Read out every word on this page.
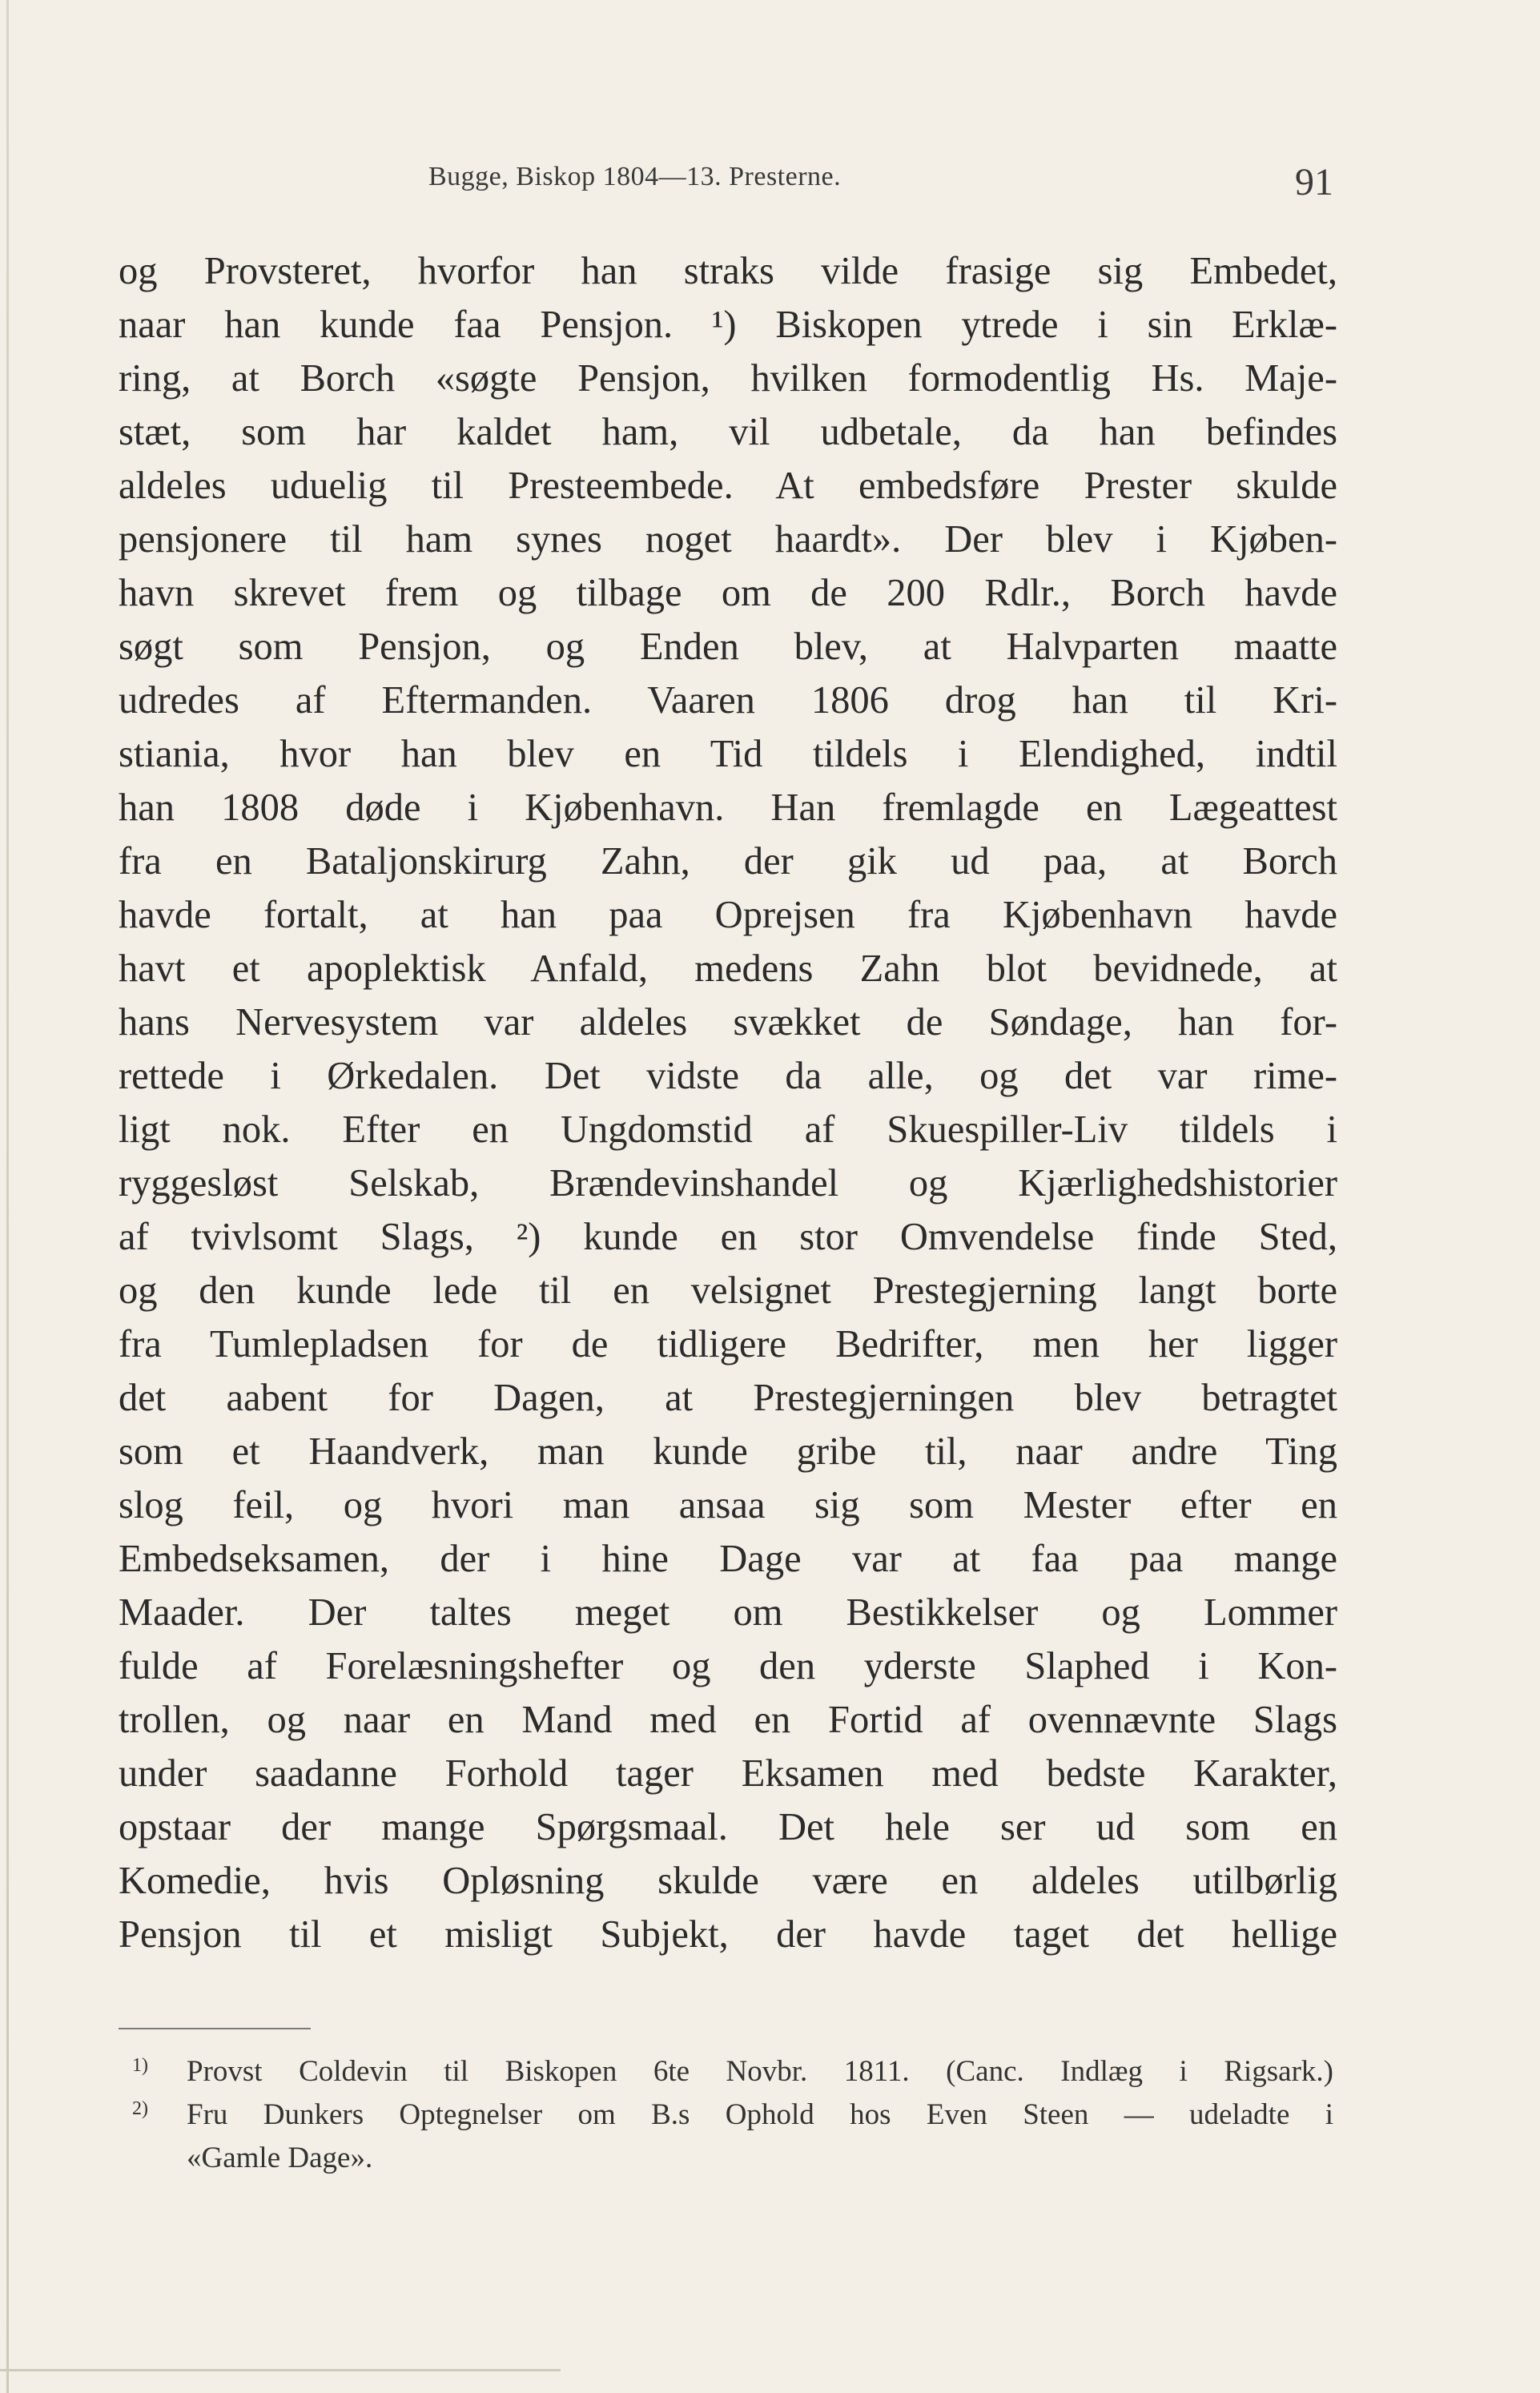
Bugge, Biskop 1804—13. Presterne.	91
og Provsteret, hvorfor han straks vilde frasige sig Embedet,
naar han kunde faa Pensjon. ¹) Biskopen ytrede i sin Erklæ-
ring, at Borch «søgte Pensjon, hvilken formodentlig Hs. Maje-
stæt, som har kaldet ham, vil udbetale, da han befindes
aldeles uduelig til Presteembede. At embedsføre Prester skulde
pensjonere til ham synes noget haardt». Der blev i Kjøben-
havn skrevet frem og tilbage om de 200 Rdlr., Borch havde
søgt som Pensjon, og Enden blev, at Halvparten maatte
udredes af Eftermanden. Vaaren 1806 drog han til Kri-
stiania, hvor han blev en Tid tildels i Elendighed, indtil
han 1808 døde i Kjøbenhavn. Han fremlagde en Lægeattest
fra en Bataljonskirurg Zahn, der gik ud paa, at Borch
havde fortalt, at han paa Oprejsen fra Kjøbenhavn havde
havt et apoplektisk Anfald, medens Zahn blot bevidnede, at
hans Nervesystem var aldeles svækket de Søndage, han for-
rettede i Ørkedalen. Det vidste da alle, og det var rime-
ligt nok. Efter en Ungdomstid af Skuespiller-Liv tildels i
ryggesløst Selskab, Brændevinshandel og Kjærlighedshistorier
af tvivlsomt Slags, ²) kunde en stor Omvendelse finde Sted,
og den kunde lede til en velsignet Prestegjerning langt borte
fra Tumlepladsen for de tidligere Bedrifter, men her ligger
det aabent for Dagen, at Prestegjerningen blev betragtet
som et Haandverk, man kunde gribe til, naar andre Ting
slog feil, og hvori man ansaa sig som Mester efter en
Embedseksamen, der i hine Dage var at faa paa mange
Maader. Der taltes meget om Bestikkelser og Lommer
fulde af Forelæsningshefter og den yderste Slaphed i Kon-
trollen, og naar en Mand med en Fortid af ovennævnte Slags
under saadanne Forhold tager Eksamen med bedste Karakter,
opstaar der mange Spørgsmaal. Det hele ser ud som en
Komedie, hvis Opløsning skulde være en aldeles utilbørlig
Pensjon til et misligt Subjekt, der havde taget det hellige
1) Provst Coldevin til Biskopen 6te Novbr. 1811. (Canc. Indlæg i Rigsark.)
2) Fru Dunkers Optegnelser om B.s Ophold hos Even Steen — udeladte i
«Gamle Dage».
